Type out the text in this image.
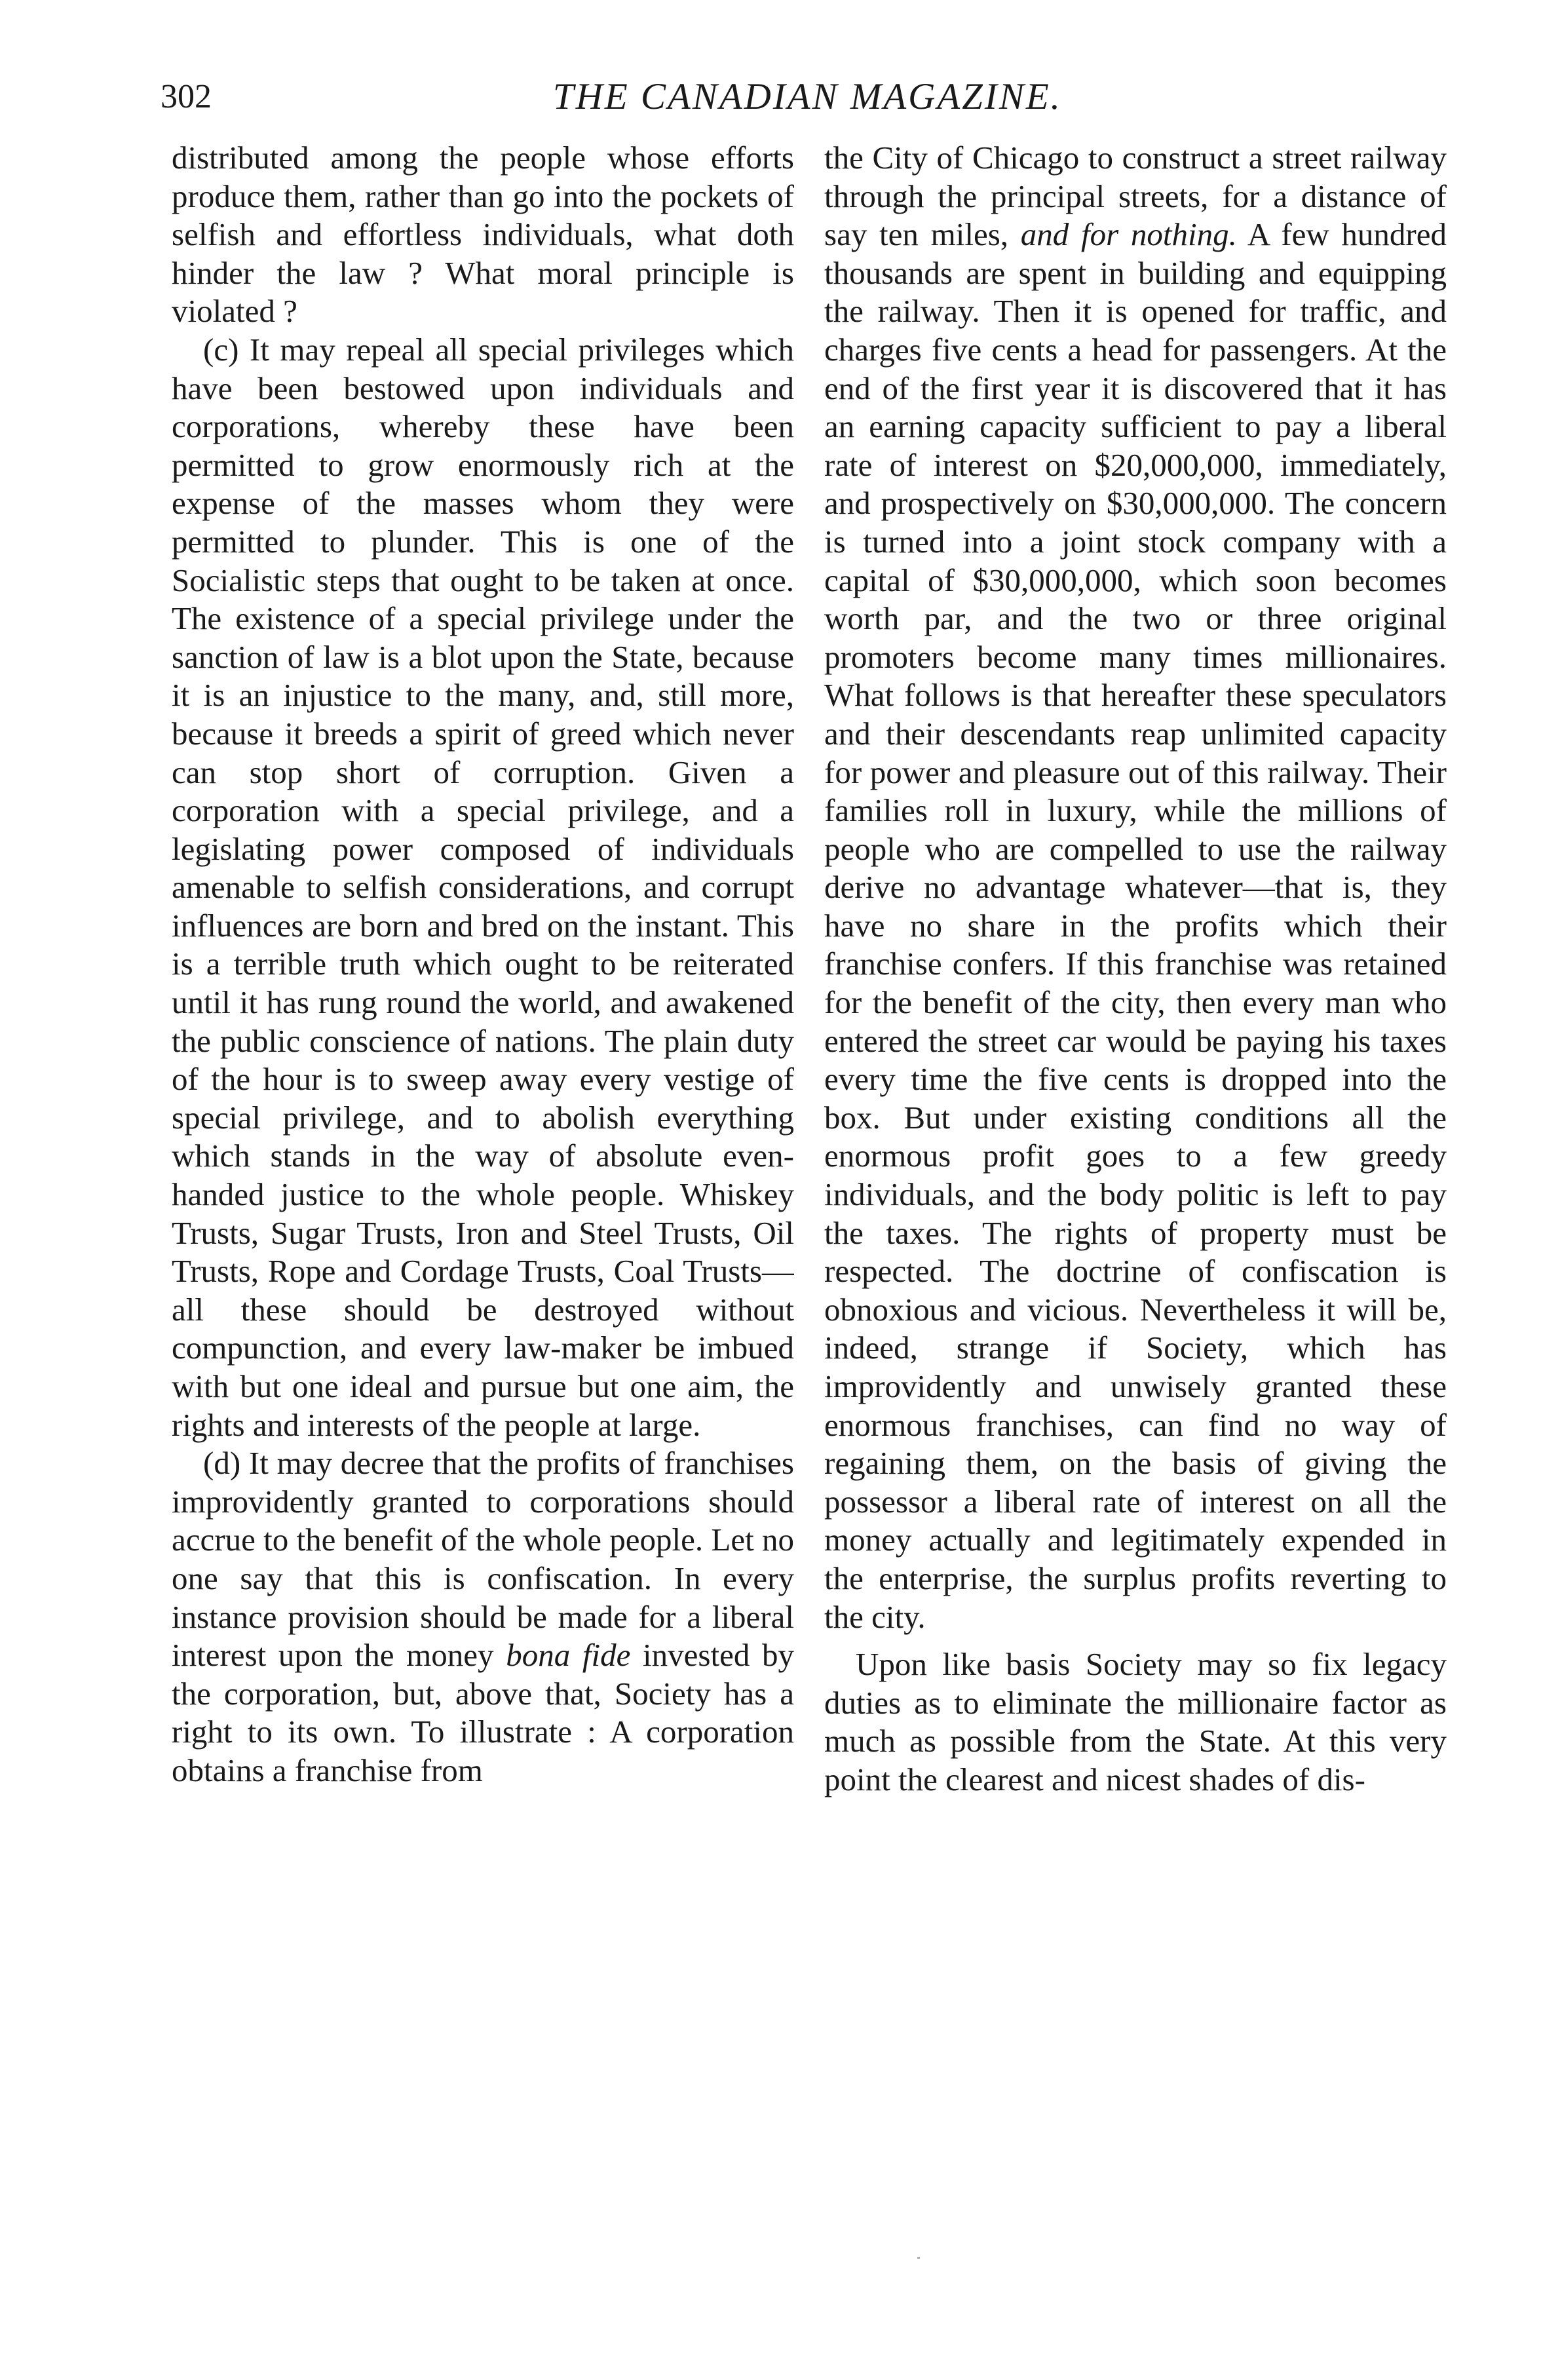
302	THE CANADIAN MAGAZINE.

distributed among the people whose efforts produce them, rather than go into the pockets of selfish and effortless individuals, what doth hinder the law ? What moral principle is violated ?

(c) It may repeal all special privileges which have been bestowed upon individuals and corporations, whereby these have been permitted to grow enormously rich at the expense of the masses whom they were permitted to plunder. This is one of the Socialistic steps that ought to be taken at once. The existence of a special privilege under the sanction of law is a blot upon the State, because it is an injustice to the many, and, still more, because it breeds a spirit of greed which never can stop short of corruption. Given a corporation with a special privilege, and a legislating power composed of individuals amenable to selfish considerations, and corrupt influences are born and bred on the instant. This is a terrible truth which ought to be reiterated until it has rung round the world, and awakened the public conscience of nations. The plain duty of the hour is to sweep away every vestige of special privilege, and to abolish everything which stands in the way of absolute even-handed justice to the whole people. Whiskey Trusts, Sugar Trusts, Iron and Steel Trusts, Oil Trusts, Rope and Cordage Trusts, Coal Trusts—all these should be destroyed without compunction, and every law-maker be imbued with but one ideal and pursue but one aim, the rights and interests of the people at large.

(d) It may decree that the profits of franchises improvidently granted to corporations should accrue to the benefit of the whole people. Let no one say that this is confiscation. In every instance provision should be made for a liberal interest upon the money bona fide invested by the corporation, but, above that, Society has a right to its own. To illustrate : A corporation obtains a franchise from

the City of Chicago to construct a street railway through the principal streets, for a distance of say ten miles, and for nothing. A few hundred thousands are spent in building and equipping the railway. Then it is opened for traffic, and charges five cents a head for passengers. At the end of the first year it is discovered that it has an earning capacity sufficient to pay a liberal rate of interest on $20,000,000, immediately, and prospectively on $30,000,000. The concern is turned into a joint stock company with a capital of $30,000,000, which soon becomes worth par, and the two or three original promoters become many times millionaires. What follows is that hereafter these speculators and their descendants reap unlimited capacity for power and pleasure out of this railway. Their families roll in luxury, while the millions of people who are compelled to use the railway derive no advantage whatever—that is, they have no share in the profits which their franchise confers. If this franchise was retained for the benefit of the city, then every man who entered the street car would be paying his taxes every time the five cents is dropped into the box. But under existing conditions all the enormous profit goes to a few greedy individuals, and the body politic is left to pay the taxes. The rights of property must be respected. The doctrine of confiscation is obnoxious and vicious. Nevertheless it will be, indeed, strange if Society, which has improvidently and unwisely granted these enormous franchises, can find no way of regaining them, on the basis of giving the possessor a liberal rate of interest on all the money actually and legitimately expended in the enterprise, the surplus profits reverting to the city.

Upon like basis Society may so fix legacy duties as to eliminate the millionaire factor as much as possible from the State. At this very point the clearest and nicest shades of dis-
